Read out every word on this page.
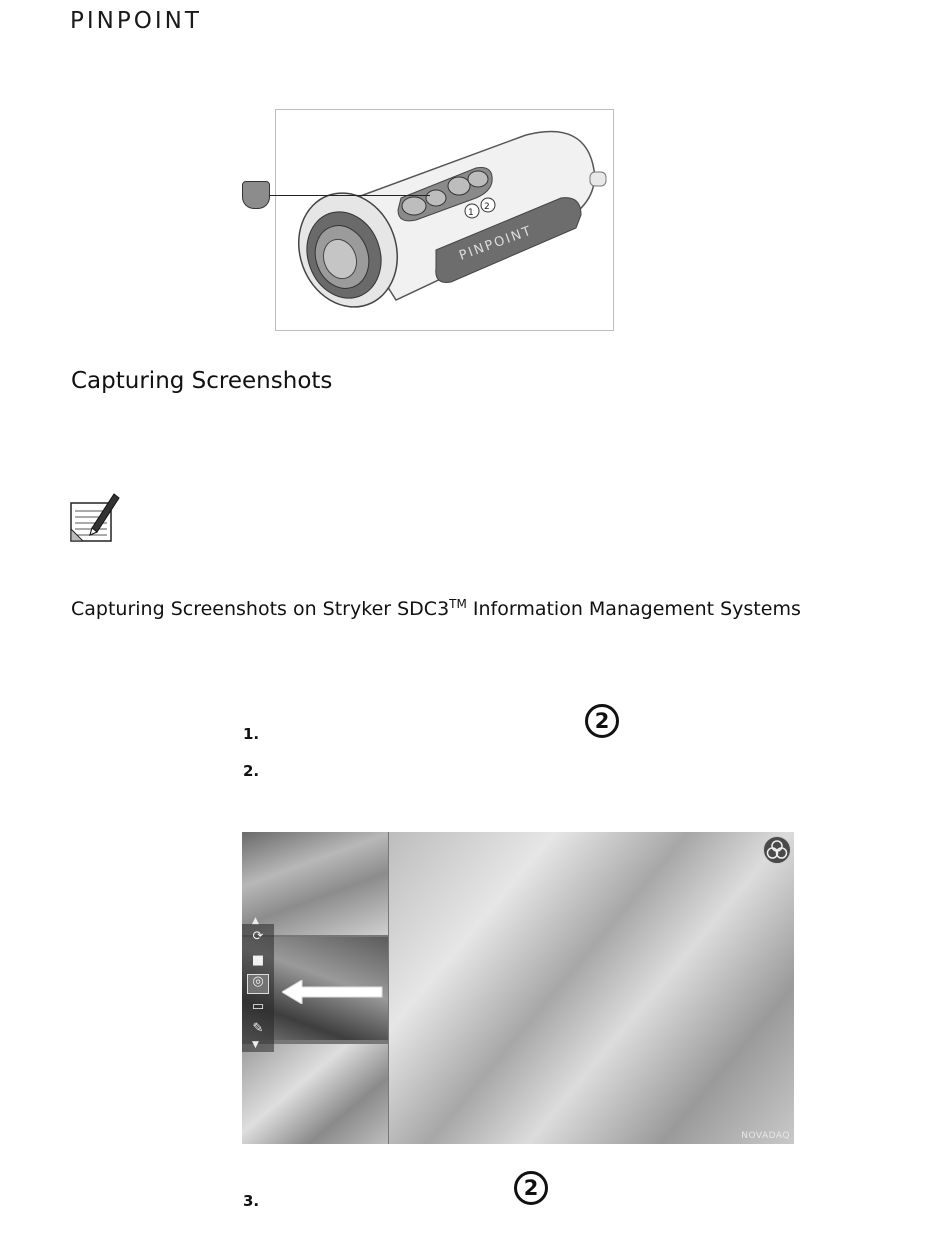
PINPOINT
PINPOINT
1
2
Capturing Screenshots
Capturing Screenshots on Stryker SDC3™ Information Management Systems
1.
2
2.
NOVADAQ
▲
⟳
■
◎
▭
✎
▼
2
3.
